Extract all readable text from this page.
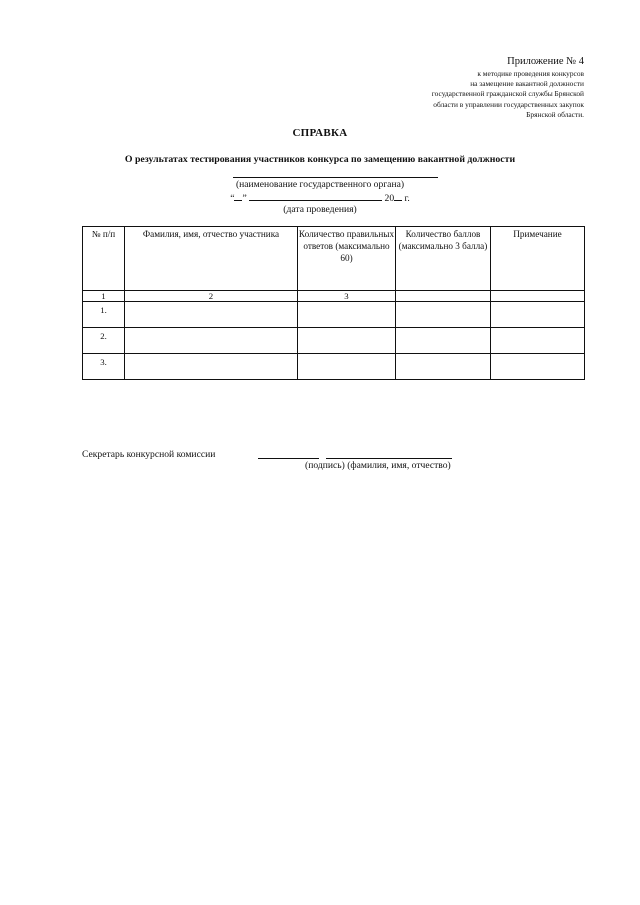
Приложение № 4
к методике проведения конкурсов
на замещение вакантной должности
государственной гражданской службы Брянской
области в управлении государственных закупок
Брянской области.
СПРАВКА
О результатах тестирования участников конкурса по замещению вакантной должности
(наименование государственного органа)
“ ”	20 г.
(дата проведения)
№ п/п	Фамилия, имя, отчество участника	Количество правильных ответов (максимально 60)	Количество баллов (максимально 3 балла)	Примечание
1	2	3		
1.				
2.				
3.				
Секретарь конкурсной комиссии
(подпись) (фамилия, имя, отчество)
